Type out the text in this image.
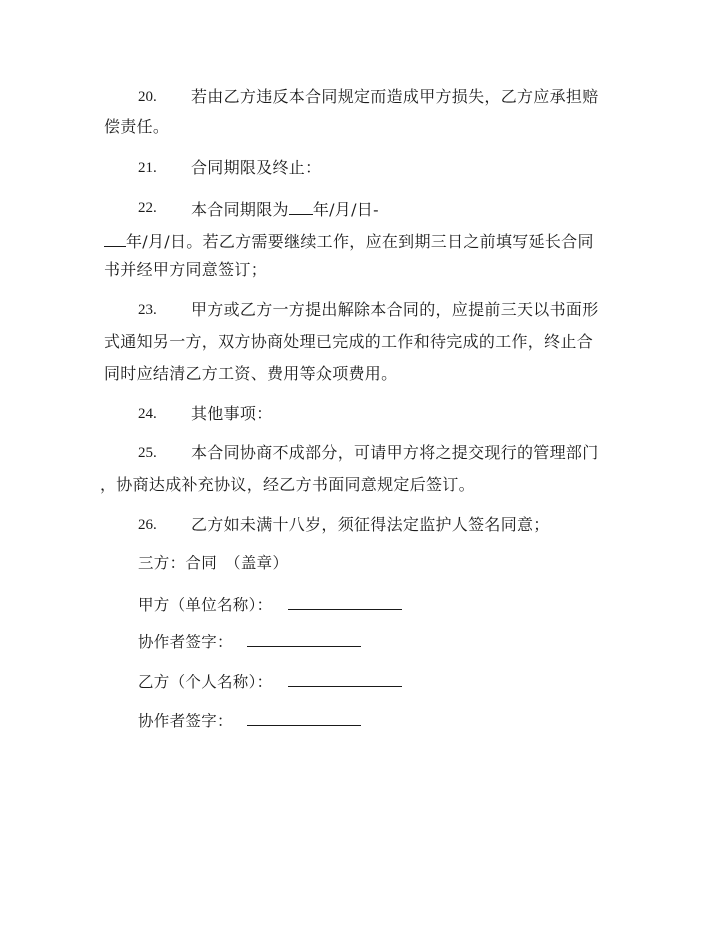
20. 若由乙方违反本合同规定而造成甲方损失，乙方应承担赔
偿责任。
21. 合同期限及终止：
22. 本合同期限为 年/月/日-
年/月/日。若乙方需要继续工作，应在到期三日之前填写延长合同
书并经甲方同意签订；
23. 甲方或乙方一方提出解除本合同的，应提前三天以书面形
式通知另一方，双方协商处理已完成的工作和待完成的工作，终止合
同时应结清乙方工资、费用等众项费用。
24. 其他事项：
25. 本合同协商不成部分，可请甲方将之提交现行的管理部门
，协商达成补充协议，经乙方书面同意规定后签订。
26. 乙方如未满十八岁，须征得法定监护人签名同意；
三方：合同　（盖章）
甲方（单位名称）：
协作者签字：
乙方（个人名称）：
协作者签字：
